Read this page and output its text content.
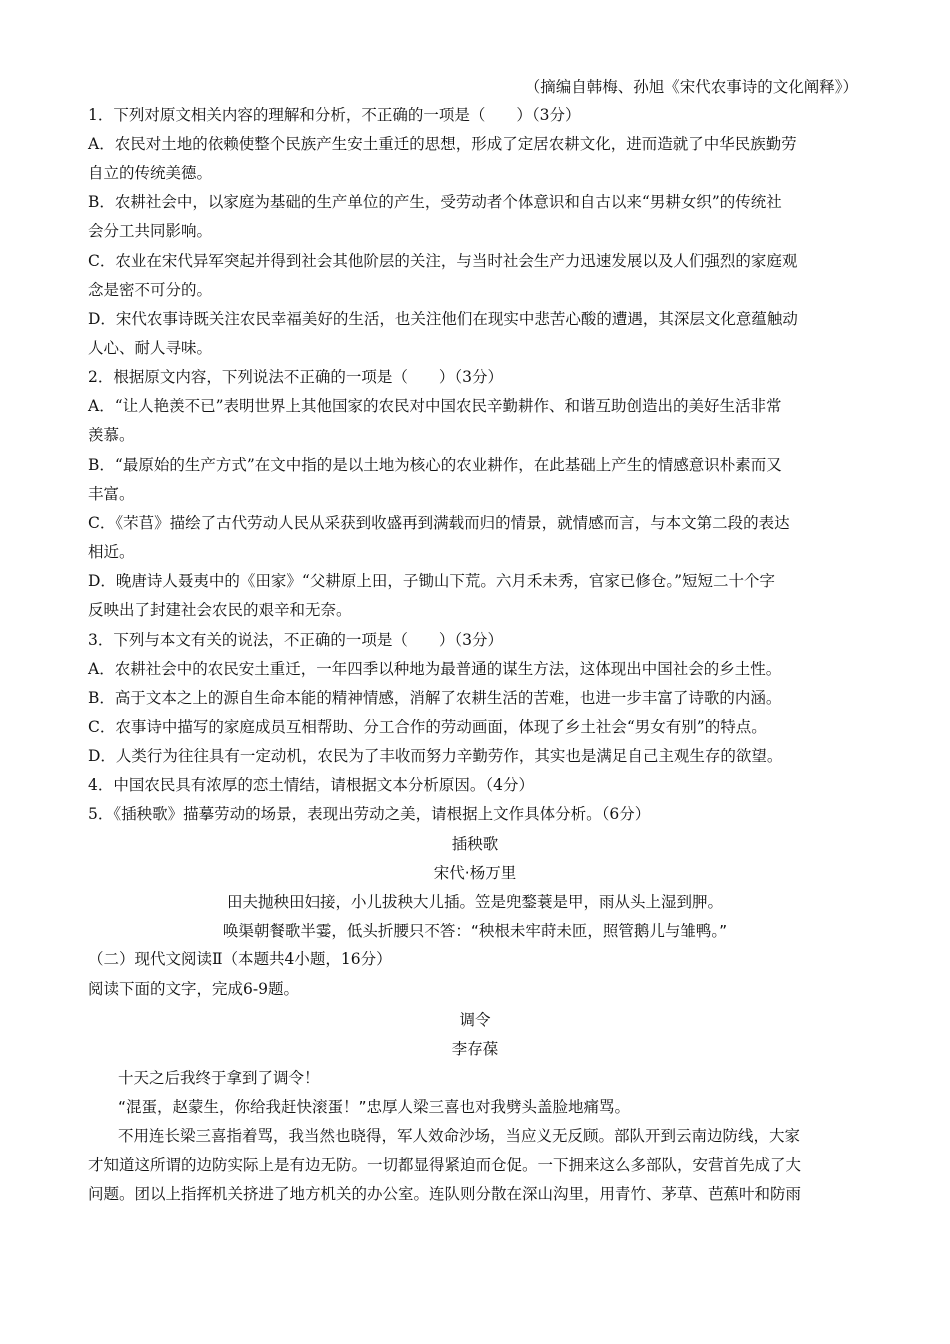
（摘编自韩梅、孙旭《宋代农事诗的文化阐释》）
1．下列对原文相关内容的理解和分析，不正确的一项是（　　）（3分）
A．农民对土地的依赖使整个民族产生安土重迁的思想，形成了定居农耕文化，进而造就了中华民族勤劳
自立的传统美德。
B．农耕社会中，以家庭为基础的生产单位的产生，受劳动者个体意识和自古以来“男耕女织”的传统社
会分工共同影响。
C．农业在宋代异军突起并得到社会其他阶层的关注，与当时社会生产力迅速发展以及人们强烈的家庭观
念是密不可分的。
D．宋代农事诗既关注农民幸福美好的生活，也关注他们在现实中悲苦心酸的遭遇，其深层文化意蕴触动
人心、耐人寻味。
2．根据原文内容，下列说法不正确的一项是（　　）（3分）
A．“让人艳羡不已”表明世界上其他国家的农民对中国农民辛勤耕作、和谐互助创造出的美好生活非常
羡慕。
B．“最原始的生产方式”在文中指的是以土地为核心的农业耕作，在此基础上产生的情感意识朴素而又
丰富。
C．《芣苢》描绘了古代劳动人民从采获到收盛再到满载而归的情景，就情感而言，与本文第二段的表达
相近。
D．晚唐诗人聂夷中的《田家》“父耕原上田，子锄山下荒。六月禾未秀，官家已修仓。”短短二十个字
反映出了封建社会农民的艰辛和无奈。
3．下列与本文有关的说法，不正确的一项是（　　）（3分）
A．农耕社会中的农民安土重迁，一年四季以种地为最普通的谋生方法，这体现出中国社会的乡土性。
B．高于文本之上的源自生命本能的精神情感，消解了农耕生活的苦难，也进一步丰富了诗歌的内涵。
C．农事诗中描写的家庭成员互相帮助、分工合作的劳动画面，体现了乡土社会“男女有别”的特点。
D．人类行为往往具有一定动机，农民为了丰收而努力辛勤劳作，其实也是满足自己主观生存的欲望。
4．中国农民具有浓厚的恋土情结，请根据文本分析原因。（4分）
5．《插秧歌》描摹劳动的场景，表现出劳动之美，请根据上文作具体分析。（6分）
插秧歌
宋代·杨万里
田夫抛秧田妇接，小儿拔秧大儿插。笠是兜鍪蓑是甲，雨从头上湿到胛。
唤渠朝餐歌半霎，低头折腰只不答：“秧根未牢莳未匝，照管鹅儿与雏鸭。”
（二）现代文阅读Ⅱ（本题共4小题，16分）
阅读下面的文字，完成6-9题。
调令
李存葆
十天之后我终于拿到了调令！
“混蛋，赵蒙生，你给我赶快滚蛋！”忠厚人梁三喜也对我劈头盖脸地痛骂。
不用连长梁三喜指着骂，我当然也晓得，军人效命沙场，当应义无反顾。部队开到云南边防线，大家
才知道这所谓的边防实际上是有边无防。一切都显得紧迫而仓促。一下拥来这么多部队，安营首先成了大
问题。团以上指挥机关挤进了地方机关的办公室。连队则分散在深山沟里，用青竹、茅草、芭蕉叶和防雨
